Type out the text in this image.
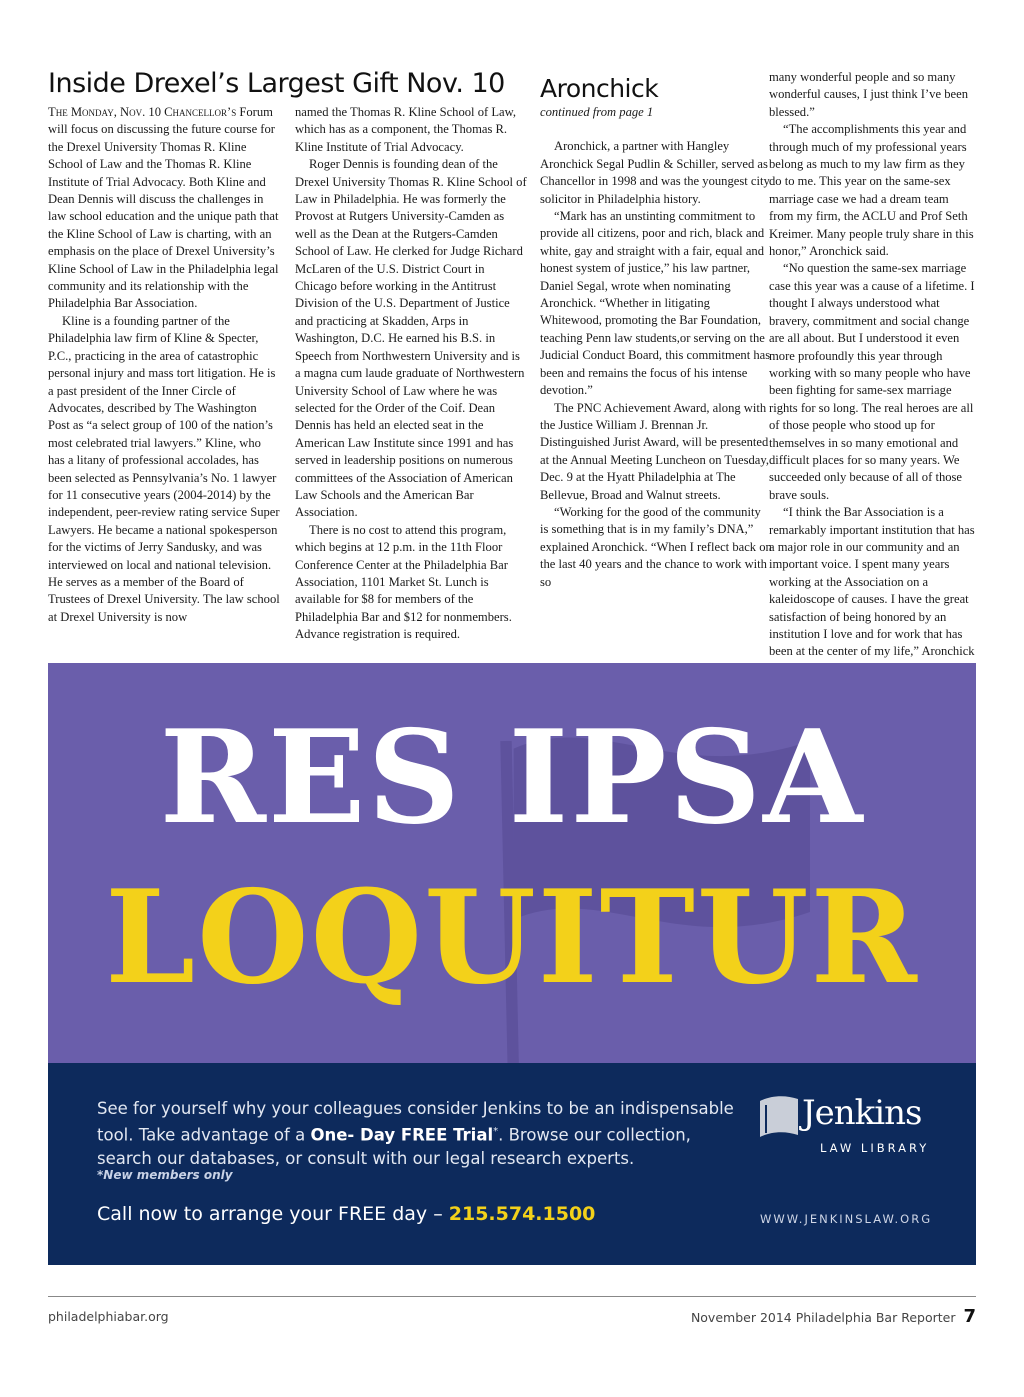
Inside Drexel’s Largest Gift Nov. 10

The Monday, Nov. 10 Chancellor’s Forum will focus on discussing the future course for the Drexel University Thomas R. Kline School of Law and the Thomas R. Kline Institute of Trial Advocacy. Both Kline and Dean Dennis will discuss the challenges in law school education and the unique path that the Kline School of Law is charting, with an emphasis on the place of Drexel University’s Kline School of Law in the Philadelphia legal community and its relationship with the Philadelphia Bar Association.

Kline is a founding partner of the Philadelphia law firm of Kline & Specter, P.C., practicing in the area of catastrophic personal injury and mass tort litigation. He is a past president of the Inner Circle of Advocates, described by The Washington Post as “a select group of 100 of the nation’s most celebrated trial lawyers.” Kline, who has a litany of professional accolades, has been selected as Pennsylvania’s No. 1 lawyer for 11 consecutive years (2004-2014) by the independent, peer-review rating service Super Lawyers. He became a national spokesperson for the victims of Jerry Sandusky, and was interviewed on local and national television. He serves as a member of the Board of Trustees of Drexel University. The law school at Drexel University is now

named the Thomas R. Kline School of Law, which has as a component, the Thomas R. Kline Institute of Trial Advocacy.

Roger Dennis is founding dean of the Drexel University Thomas R. Kline School of Law in Philadelphia. He was formerly the Provost at Rutgers University-Camden as well as the Dean at the Rutgers-Camden School of Law. He clerked for Judge Richard McLaren of the U.S. District Court in Chicago before working in the Antitrust Division of the U.S. Department of Justice and practicing at Skadden, Arps in Washington, D.C. He earned his B.S. in Speech from Northwestern University and is a magna cum laude graduate of Northwestern University School of Law where he was selected for the Order of the Coif. Dean Dennis has held an elected seat in the American Law Institute since 1991 and has served in leadership positions on numerous committees of the Association of American Law Schools and the American Bar Association.

There is no cost to attend this program, which begins at 12 p.m. in the 11th Floor Conference Center at the Philadelphia Bar Association, 1101 Market St. Lunch is available for $8 for members of the Philadelphia Bar and $12 for nonmembers. Advance registration is required.

Aronchick

continued from page 1

Aronchick, a partner with Hangley Aronchick Segal Pudlin & Schiller, served as Chancellor in 1998 and was the youngest city solicitor in Philadelphia history.

“Mark has an unstinting commitment to provide all citizens, poor and rich, black and white, gay and straight with a fair, equal and honest system of justice,” his law partner, Daniel Segal, wrote when nominating Aronchick. “Whether in litigating Whitewood, promoting the Bar Foundation, teaching Penn law students,or serving on the Judicial Conduct Board, this commitment has been and remains the focus of his intense devotion.”

The PNC Achievement Award, along with the Justice William J. Brennan Jr. Distinguished Jurist Award, will be presented at the Annual Meeting Luncheon on Tuesday, Dec. 9 at the Hyatt Philadelphia at The Bellevue, Broad and Walnut streets.

“Working for the good of the community is something that is in my family’s DNA,” explained Aronchick. “When I reflect back on the last 40 years and the chance to work with so

many wonderful people and so many wonderful causes, I just think I’ve been blessed.”

“The accomplishments this year and through much of my professional years belong as much to my law firm as they do to me. This year on the same-sex marriage case we had a dream team from my firm, the ACLU and Prof Seth Kreimer. Many people truly share in this honor,” Aronchick said.

“No question the same-sex marriage case this year was a cause of a lifetime. I thought I always understood what bravery, commitment and social change are all about. But I understood it even more profoundly this year through working with so many people who have been fighting for same-sex marriage rights for so long. The real heroes are all of those people who stood up for themselves in so many emotional and difficult places for so many years. We succeeded only because of all of those brave souls.

“I think the Bar Association is a remarkably important institution that has a major role in our community and an important voice. I spent many years working at the Association on a kaleidoscope of causes. I have the great satisfaction of being honored by an institution I love and for work that has been at the center of my life,” Aronchick

RES IPSA
LOQUITUR
See for yourself why your colleagues consider Jenkins to be an indispensable tool. Take advantage of a One- Day FREE Trial*. Browse our collection, search our databases, or consult with our legal research experts.
*New members only
Call now to arrange your FREE day – 215.574.1500
Jenkins
LAW LIBRARY
WWW.JENKINSLAW.ORG
philadelphiabar.org	November 2014 Philadelphia Bar Reporter 7
